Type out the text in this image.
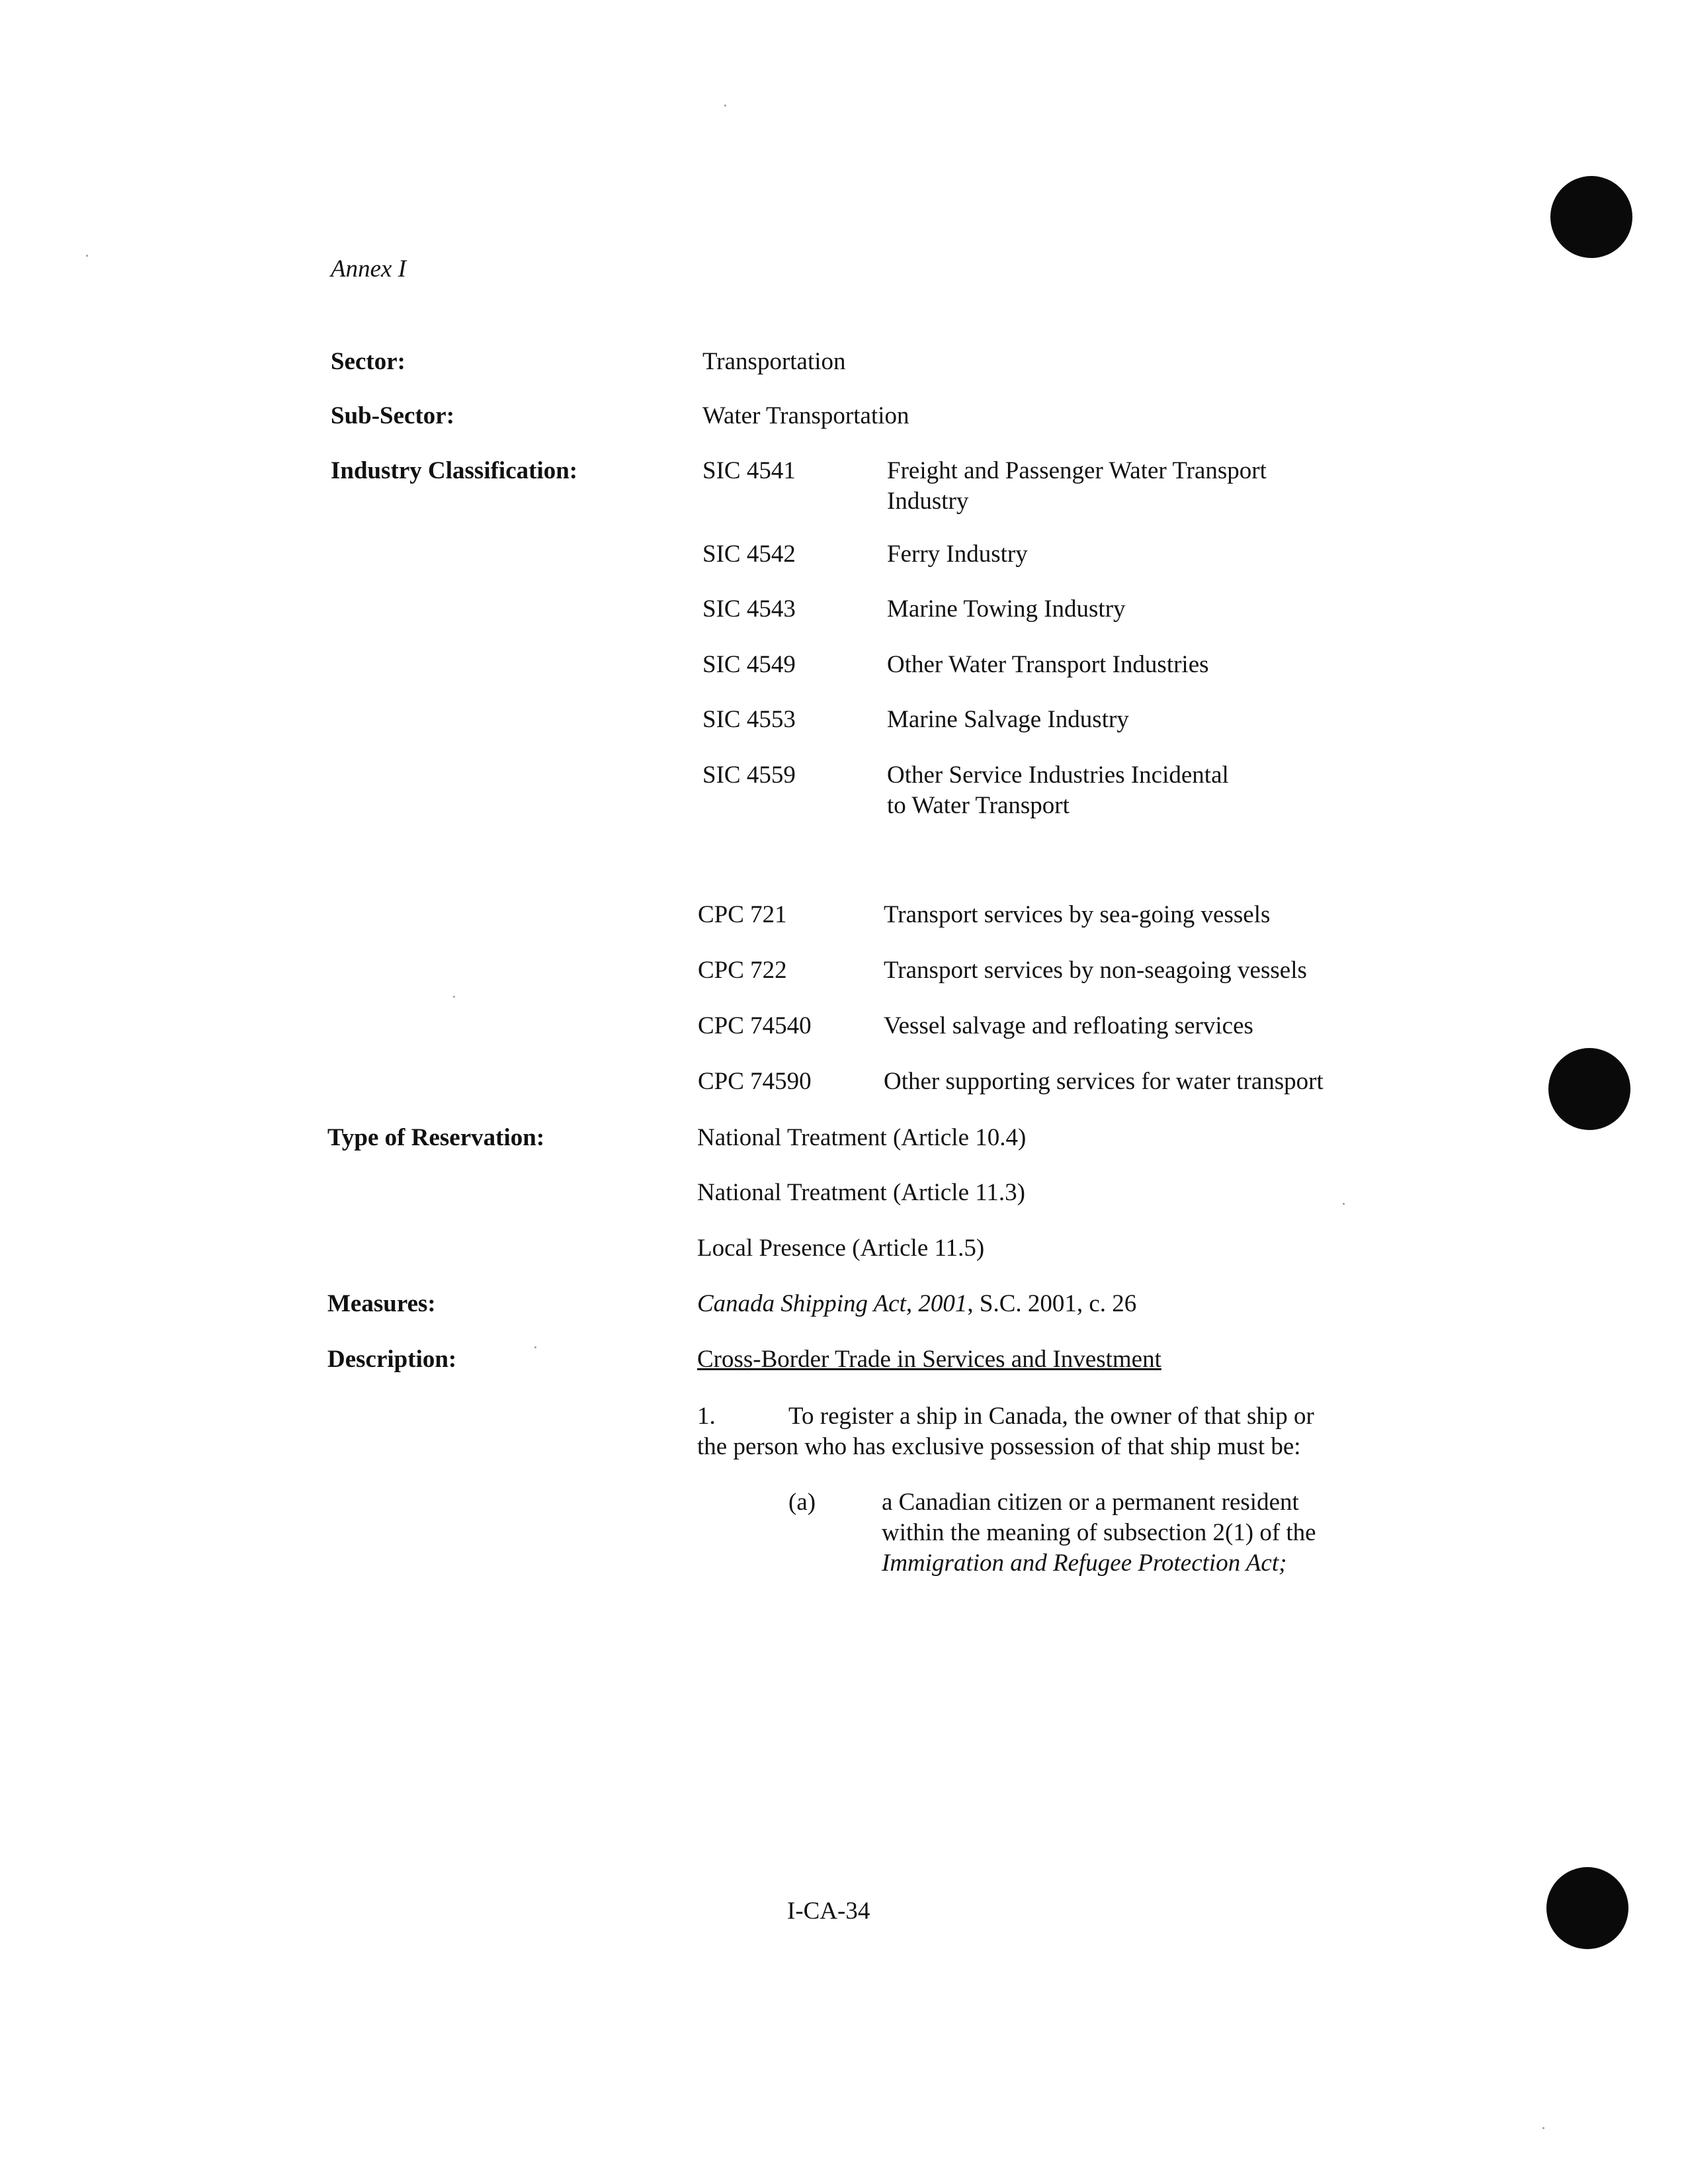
Annex I
Sector:	Transportation
Sub-Sector:	Water Transportation
Industry Classification:	SIC 4541	Freight and Passenger Water Transport
Industry
SIC 4542	Ferry Industry
SIC 4543	Marine Towing Industry
SIC 4549	Other Water Transport Industries
SIC 4553	Marine Salvage Industry
SIC 4559	Other Service Industries Incidental
to Water Transport
CPC 721	Transport services by sea-going vessels
CPC 722	Transport services by non-seagoing vessels
CPC 74540	Vessel salvage and refloating services
CPC 74590	Other supporting services for water transport
Type of Reservation:	National Treatment (Article 10.4)
National Treatment (Article 11.3)
Local Presence (Article 11.5)
Measures:	Canada Shipping Act, 2001, S.C. 2001, c. 26
Description:	Cross-Border Trade in Services and Investment
1.	To register a ship in Canada, the owner of that ship or
the person who has exclusive possession of that ship must be:
(a)	a Canadian citizen or a permanent resident
within the meaning of subsection 2(1) of the
Immigration and Refugee Protection Act;
I-CA-34
